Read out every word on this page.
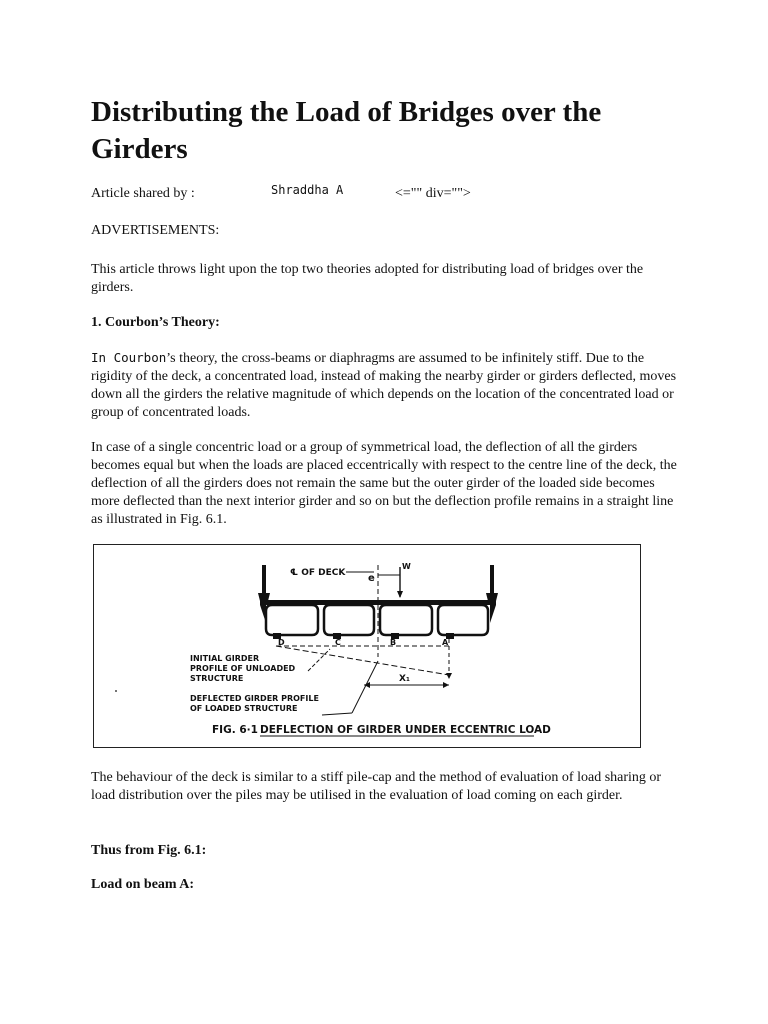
Distributing the Load of Bridges over the Girders
Article shared by :	Shraddha A	<="" div="">
ADVERTISEMENTS:

This article throws light upon the top two theories adopted for distributing load of bridges over the girders.

1. Courbon’s Theory:

In Courbon’s theory, the cross-beams or diaphragms are assumed to be infinitely stiff. Due to the rigidity of the deck, a concentrated load, instead of making the nearby girder or girders deflected, moves down all the girders the relative magnitude of which depends on the location of the concentrated load or group of concentrated loads.

In case of a single concentric load or a group of symmetrical load, the deflection of all the girders becomes equal but when the loads are placed eccentrically with respect to the centre line of the deck, the deflection of all the girders does not remain the same but the outer girder of the loaded side becomes more deflected than the next interior girder and so on but the deflection profile remains in a straight line as illustrated in Fig. 6.1.

℄ OF DECK e
W
D	C	B	A
X₁
INITIAL GIRDER
PROFILE OF UNLOADED
STRUCTURE
DEFLECTED GIRDER PROFILE
OF LOADED STRUCTURE
FIG. 6·1 DEFLECTION OF GIRDER UNDER ECCENTRIC LOAD

The behaviour of the deck is similar to a stiff pile-cap and the method of evaluation of load sharing or load distribution over the piles may be utilised in the evaluation of load coming on each girder.

Thus from Fig. 6.1:
Load on beam A:
